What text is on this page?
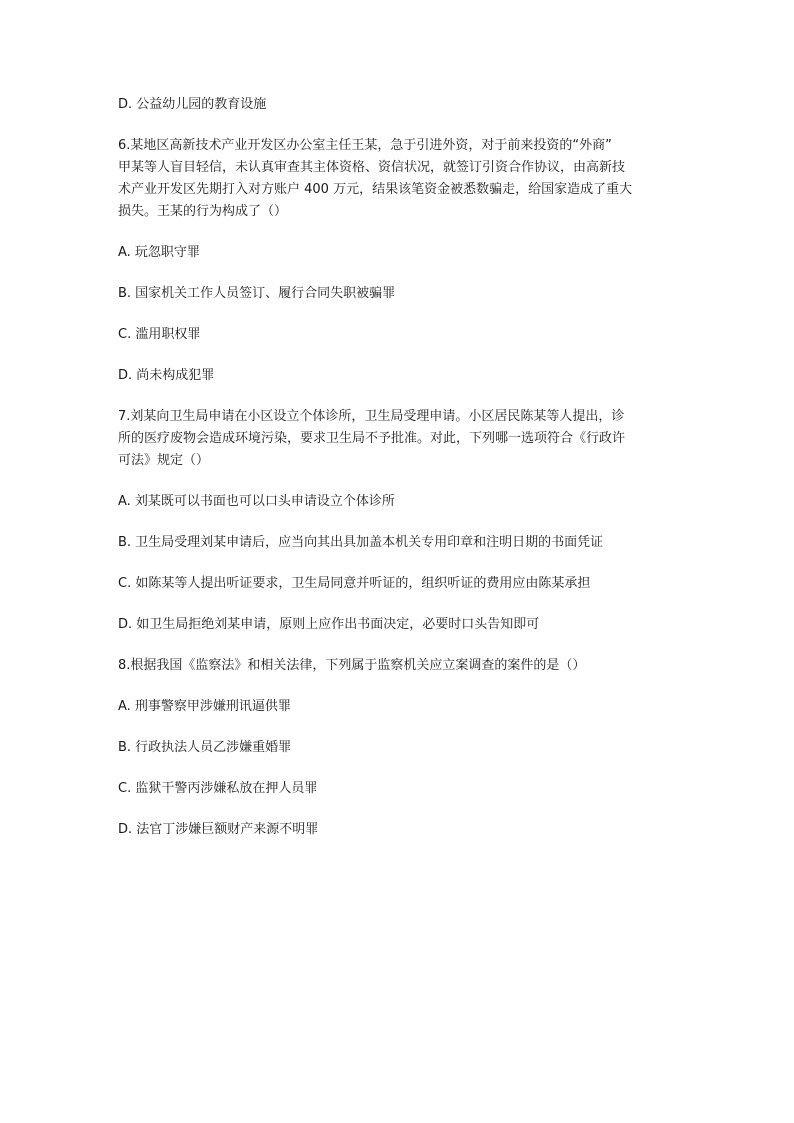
D. 公益幼儿园的教育设施

6.某地区高新技术产业开发区办公室主任王某，急于引进外资，对于前来投资的“外商”

甲某等人盲目轻信，未认真审查其主体资格、资信状况，就签订引资合作协议，由高新技

术产业开发区先期打入对方账户 400 万元，结果该笔资金被悉数骗走，给国家造成了重大

损失。王某的行为构成了（）

A. 玩忽职守罪

B. 国家机关工作人员签订、履行合同失职被骗罪

C. 滥用职权罪

D. 尚未构成犯罪

7.刘某向卫生局申请在小区设立个体诊所，卫生局受理申请。小区居民陈某等人提出，诊

所的医疗废物会造成环境污染，要求卫生局不予批准。对此，下列哪一选项符合《行政许

可法》规定（）

A. 刘某既可以书面也可以口头申请设立个体诊所

B. 卫生局受理刘某申请后，应当向其出具加盖本机关专用印章和注明日期的书面凭证

C. 如陈某等人提出听证要求，卫生局同意并听证的，组织听证的费用应由陈某承担

D. 如卫生局拒绝刘某申请，原则上应作出书面决定，必要时口头告知即可

8.根据我国《监察法》和相关法律，下列属于监察机关应立案调查的案件的是（）

A. 刑事警察甲涉嫌刑讯逼供罪

B. 行政执法人员乙涉嫌重婚罪

C. 监狱干警丙涉嫌私放在押人员罪

D. 法官丁涉嫌巨额财产来源不明罪
